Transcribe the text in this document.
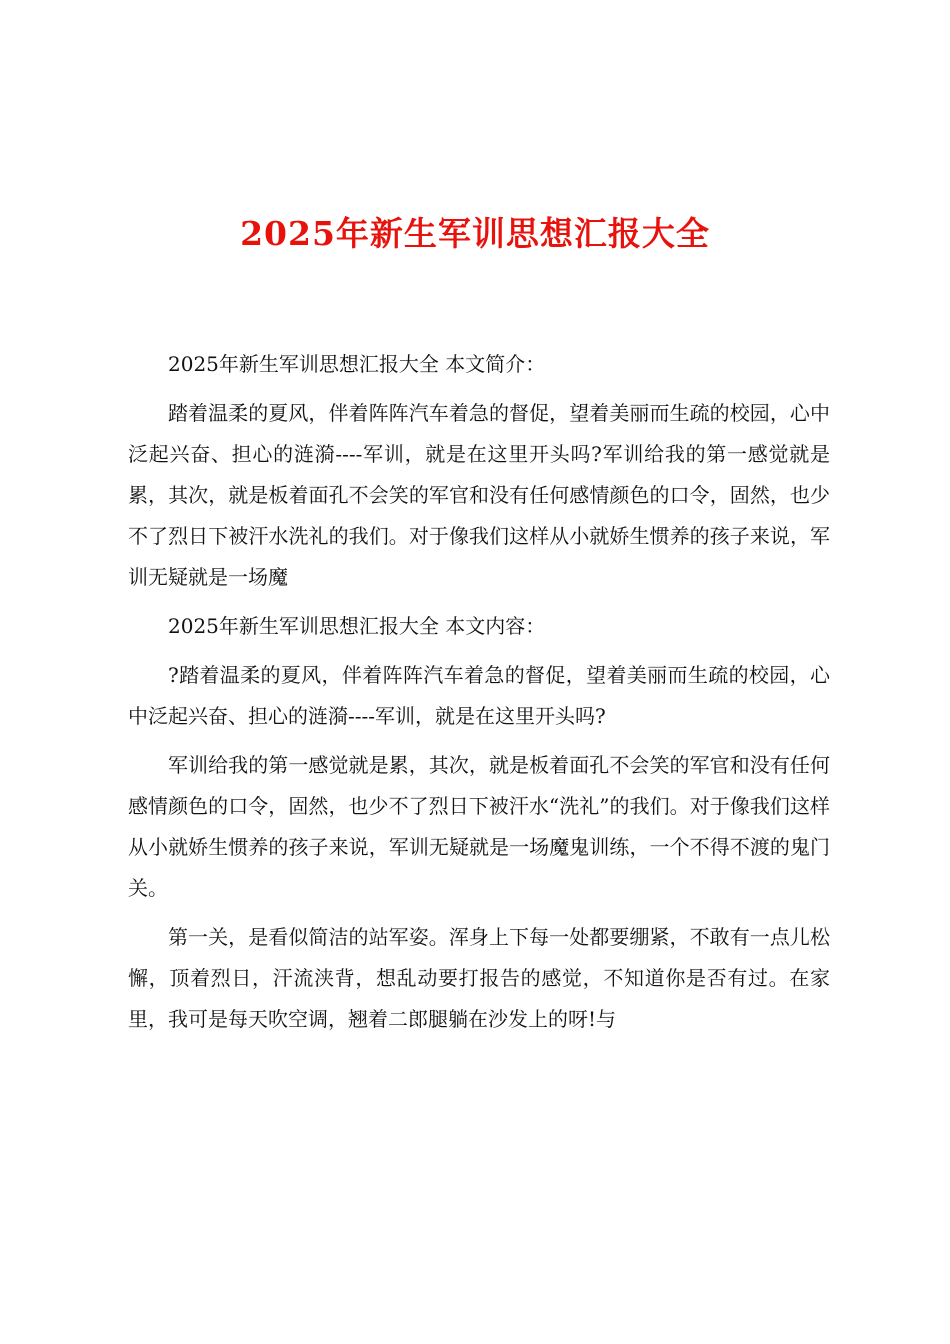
2025年新生军训思想汇报大全

2025年新生军训思想汇报大全 本文简介：

踏着温柔的夏风，伴着阵阵汽车着急的督促，望着美丽而生疏的校园，心中泛起兴奋、担心的涟漪----军训，就是在这里开头吗?军训给我的第一感觉就是累，其次，就是板着面孔不会笑的军官和没有任何感情颜色的口令，固然，也少不了烈日下被汗水洗礼的我们。对于像我们这样从小就娇生惯养的孩子来说，军训无疑就是一场魔

2025年新生军训思想汇报大全 本文内容：

?踏着温柔的夏风，伴着阵阵汽车着急的督促，望着美丽而生疏的校园，心中泛起兴奋、担心的涟漪----军训，就是在这里开头吗?

军训给我的第一感觉就是累，其次，就是板着面孔不会笑的军官和没有任何感情颜色的口令，固然，也少不了烈日下被汗水“洗礼”的我们。对于像我们这样从小就娇生惯养的孩子来说，军训无疑就是一场魔鬼训练，一个不得不渡的鬼门关。

第一关，是看似简洁的站军姿。浑身上下每一处都要绷紧，不敢有一点儿松懈，顶着烈日，汗流浃背，想乱动要打报告的感觉，不知道你是否有过。在家里，我可是每天吹空调，翘着二郎腿躺在沙发上的呀!与
